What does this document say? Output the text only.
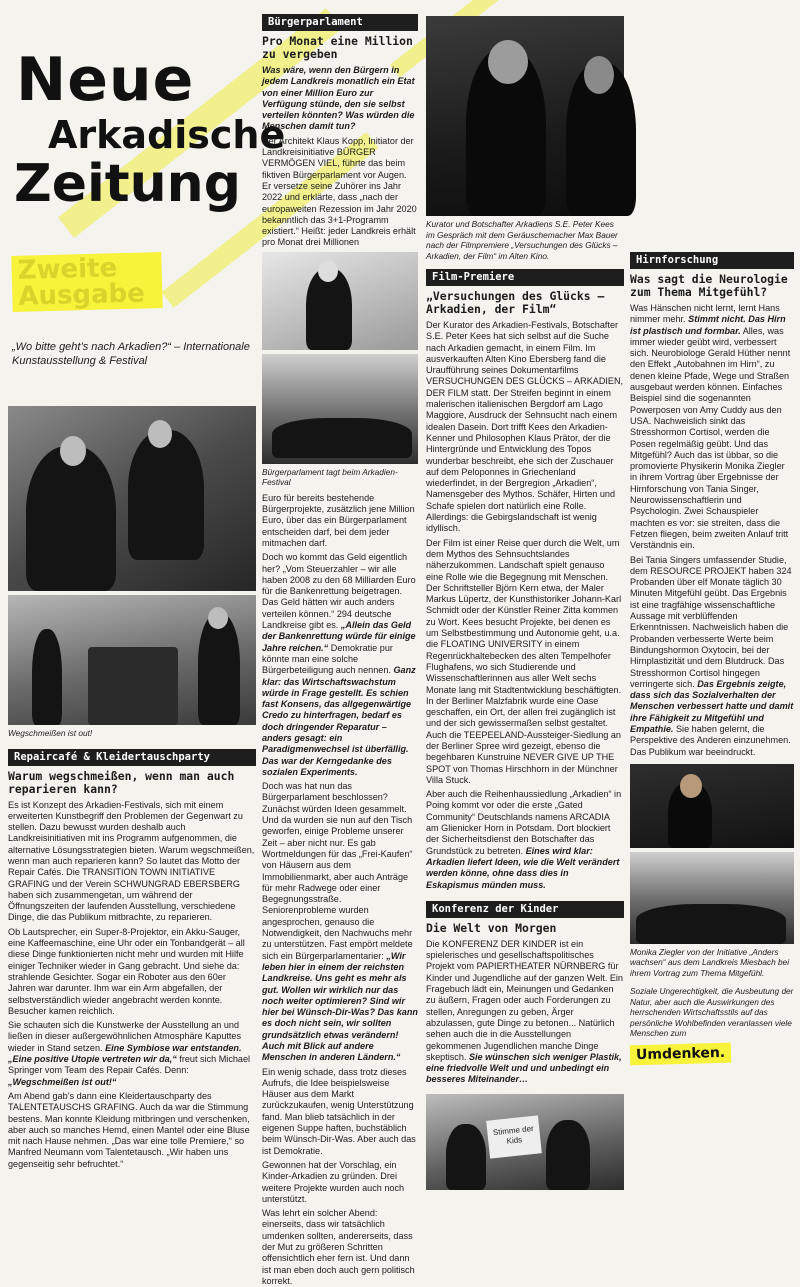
Neue
Arkadische
Zeitung
Zweite
Ausgabe
„Wo bitte geht’s nach Arkadien?“ – Internationale Kunstausstellung & Festival
Wegschmeißen ist out!
Repaircafé & Kleidertauschparty
Warum wegschmeißen, wenn man auch reparieren kann?

Es ist Konzept des Arkadien-Festivals, sich mit einem erweiterten Kunstbegriff den Problemen der Gegenwart zu stellen. Dazu bewusst wurden deshalb auch Landkreisinitiativen mit ins Programm aufgenommen, die alternative Lösungsstrategien bieten. Warum wegschmeißen, wenn man auch reparieren kann? So lautet das Motto der Repair Cafés. Die TRANSITION TOWN INITIATIVE GRAFING und der Verein SCHWUNGRAD EBERSBERG haben sich zusammengetan, um während der Öffnungszeiten der laufenden Ausstellung, verschiedene Dinge, die das Publikum mitbrachte, zu reparieren.

Ob Lautsprecher, ein Super-8-Projektor, ein Akku-Sauger, eine Kaffeemaschine, eine Uhr oder ein Tonbandgerät – all diese Dinge funktionierten nicht mehr und wurden mit Hilfe einiger Techniker wieder in Gang gebracht. Und siehe da: strahlende Gesichter. Sogar ein Roboter aus den 60er Jahren war darunter. Ihm war ein Arm abgefallen, der selbstverständlich wieder angebracht werden konnte. Besucher kamen reichlich.

Sie schauten sich die Kunstwerke der Ausstellung an und ließen in dieser außergewöhnlichen Atmosphäre Kaputtes wieder in Stand setzen. Eine Symbiose war entstanden. „Eine positive Utopie vertreten wir da,“ freut sich Michael Springer vom Team des Repair Cafés. Denn: „Wegschmeißen ist out!“

Am Abend gab’s dann eine Kleidertauschparty des TALENTETAUSCHS GRAFING. Auch da war die Stimmung bestens. Man konnte Kleidung mitbringen und verschenken, aber auch so manches Hemd, einen Mantel oder eine Bluse mit nach Hause nehmen. „Das war eine tolle Premiere,“ so Manfred Neumann vom Talentetausch. „Wir haben uns gegenseitig sehr befruchtet.“

Bürgerparlament
Pro Monat eine Million zu vergeben

Was wäre, wenn den Bürgern in jedem Landkreis monatlich ein Etat von einer Million Euro zur Verfügung stünde, den sie selbst verteilen könnten? Was würden die Menschen damit tun?

Der Architekt Klaus Kopp, Initiator der Landkreisinitiative BÜRGER VERMÖGEN VIEL, führte das beim fiktiven Bürgerparlament vor Augen. Er versetze seine Zuhörer ins Jahr 2022 und erklärte, dass „nach der europaweiten Rezession im Jahr 2020 bekanntlich das 3+1-Programm existiert.“ Heißt: jeder Landkreis erhält pro Monat drei Millionen

Bürgerparlament tagt beim Arkadien-Festival

Euro für bereits bestehende Bürgerprojekte, zusätzlich jene Million Euro, über das ein Bürgerparlament entscheiden darf, bei dem jeder mitmachen darf.

Doch wo kommt das Geld eigentlich her? „Vom Steuerzahler – wir alle haben 2008 zu den 68 Milliarden Euro für die Bankenrettung beigetragen. Das Geld hätten wir auch anders verteilen können.“ 294 deutsche Landkreise gibt es. „Allein das Geld der Bankenrettung würde für einige Jahre reichen.“ Demokratie pur könnte man eine solche Bürgerbeteiligung auch nennen. Ganz klar: das Wirtschaftswachstum würde in Frage gestellt. Es schien fast Konsens, das allgegenwärtige Credo zu hinterfragen, bedarf es doch dringender Reparatur – anders gesagt: ein Paradigmenwechsel ist überfällig. Das war der Kerngedanke des sozialen Experiments.

Doch was hat nun das Bürgerparlament beschlossen? Zunächst würden Ideen gesammelt. Und da wurden sie nun auf den Tisch geworfen, einige Probleme unserer Zeit – aber nicht nur. Es gab Wortmeldungen für das „Frei-Kaufen“ von Häusern aus dem Immobilienmarkt, aber auch Anträge für mehr Radwege oder einer Begegnungsstraße. Seniorenprobleme wurden angesprochen, genauso die Notwendigkeit, den Nachwuchs mehr zu unterstützen. Fast empört meldete sich ein Bürgerparlamentarier: „Wir leben hier in einem der reichsten Landkreise. Uns geht es mehr als gut. Wollen wir wirklich nur das noch weiter optimieren? Sind wir hier bei Wünsch-Dir-Was? Das kann es doch nicht sein, wir sollten grundsätzlich etwas verändern! Auch mit Blick auf andere Menschen in anderen Ländern.“

Ein wenig schade, dass trotz dieses Aufrufs, die Idee beispielsweise Häuser aus dem Markt zurückzukaufen, wenig Unterstützung fand. Man blieb tatsächlich in der eigenen Suppe haften, buchstäblich beim Wünsch-Dir-Was. Aber auch das ist Demokratie.

Gewonnen hat der Vorschlag, ein Kinder-Arkadien zu gründen. Drei weitere Projekte wurden auch noch unterstützt.

Was lehrt ein solcher Abend: einerseits, dass wir tatsächlich umdenken sollten, andererseits, dass der Mut zu größeren Schritten offensichtlich eher fern ist. Und dann ist man eben doch auch gern politisch korrekt.

Kurator und Botschafter Arkadiens S.E. Peter Kees im Gespräch mit dem Geräuschemacher Max Bauer nach der Filmpremiere „Versuchungen des Glücks – Arkadien, der Film“ im Alten Kino.
Film-Premiere
„Versuchungen des Glücks – Arkadien, der Film“

Der Kurator des Arkadien-Festivals, Botschafter S.E. Peter Kees hat sich selbst auf die Suche nach Arkadien gemacht, in einem Film. Im ausverkauften Alten Kino Ebersberg fand die Uraufführung seines Dokumentarfilms VERSUCHUNGEN DES GLÜCKS – ARKADIEN, DER FILM statt. Der Streifen beginnt in einem malerischen italienischen Bergdorf am Lago Maggiore, Ausdruck der Sehnsucht nach einem idealen Dasein. Dort trifft Kees den Arkadien-Kenner und Philosophen Klaus Prätor, der die Hintergründe und Entwicklung des Topos wunderbar beschreibt, ehe sich der Zuschauer auf dem Peloponnes in Griechenland wiederfindet, in der Bergregion „Arkadien“, Namensgeber des Mythos. Schäfer, Hirten und Schafe spielen dort natürlich eine Rolle. Allerdings: die Gebirgslandschaft ist wenig idyllisch.

Der Film ist einer Reise quer durch die Welt, um dem Mythos des Sehnsuchtslandes näherzukommen. Landschaft spielt genauso eine Rolle wie die Begegnung mit Menschen. Der Schriftsteller Björn Kern etwa, der Maler Markus Lüpertz, der Kunsthistoriker Johann-Karl Schmidt oder der Künstler Reiner Zitta kommen zu Wort. Kees besucht Projekte, bei denen es um Selbstbestimmung und Autonomie geht, u.a. die FLOATING UNIVERSITY in einem Regenrückhaltebecken des alten Tempelhofer Flughafens, wo sich Studierende und Wissenschaftlerinnen aus aller Welt sechs Monate lang mit Stadtentwicklung beschäftigten. In der Berliner Malzfabrik wurde eine Oase geschaffen, ein Ort, der allen frei zugänglich ist und der sich gewissermaßen selbst gestaltet. Auch die TEEPEELAND-Aussteiger-Siedlung an der Berliner Spree wird gezeigt, ebenso die begehbaren Kunstruine NEVER GIVE UP THE SPOT von Thomas Hirschhorn in der Münchner Villa Stuck.

Aber auch die Reihenhaussiedlung „Arkadien“ in Poing kommt vor oder die erste „Gated Community“ Deutschlands namens ARCADIA am Glienicker Horn in Potsdam. Dort blockiert der Sicherheitsdienst den Botschafter das Grundstück zu betreten. Eines wird klar: Arkadien liefert Ideen, wie die Welt verändert werden könne, ohne dass dies in Eskapismus münden muss.

Konferenz der Kinder
Die Welt von Morgen

Die KONFERENZ DER KINDER ist ein spielerisches und gesellschaftspolitisches Projekt vom PAPIERTHEATER NÜRNBERG für Kinder und Jugendliche auf der ganzen Welt. Ein Fragebuch lädt ein, Meinungen und Gedanken zu äußern, Fragen oder auch Forderungen zu stellen, Anregungen zu geben, Ärger abzulassen, gute Dinge zu betonen... Natürlich sehen auch die in die Ausstellungen gekommenen Jugendlichen manche Dinge skeptisch. Sie wünschen sich weniger Plastik, eine friedvolle Welt und und unbedingt ein besseres Miteinander…

Stimme der Kids
Hirnforschung
Was sagt die Neurologie zum Thema Mitgefühl?

Was Hänschen nicht lernt, lernt Hans nimmer mehr. Stimmt nicht. Das Hirn ist plastisch und formbar. Alles, was immer wieder geübt wird, verbessert sich. Neurobiologe Gerald Hüther nennt den Effekt „Autobahnen im Hirn“, zu denen kleine Pfade, Wege und Straßen ausgebaut werden können. Einfaches Beispiel sind die sogenannten Powerposen von Amy Cuddy aus den USA. Nachweislich sinkt das Stresshormon Cortisol, werden die Posen regelmäßig geübt. Und das Mitgefühl? Auch das ist übbar, so die promovierte Physikerin Monika Ziegler in ihrem Vortrag über Ergebnisse der Hirnforschung von Tania Singer, Neurowissenschaftlerin und Psychologin. Zwei Schauspieler machten es vor: sie streiten, dass die Fetzen fliegen, beim zweiten Anlauf tritt Verständnis ein.

Bei Tania Singers umfassender Studie, dem RESOURCE PROJEKT haben 324 Probanden über elf Monate täglich 30 Minuten Mitgefühl geübt. Das Ergebnis ist eine tragfähige wissenschaftliche Aussage mit verblüffenden Erkenntnissen. Nachweislich haben die Probanden verbesserte Werte beim Bindungshormon Oxytocin, bei der Hirnplastizität und dem Blutdruck. Das Stresshormon Cortisol hingegen verringerte sich. Das Ergebnis zeigte, dass sich das Sozialverhalten der Menschen verbessert hatte und damit ihre Fähigkeit zu Mitgefühl und Empathie. Sie haben gelernt, die Perspektive des Anderen einzunehmen. Das Publikum war beeindruckt.

Monika Ziegler von der Initiative „Anders wachsen“ aus dem Landkreis Miesbach bei ihrem Vortrag zum Thema Mitgefühl.
Soziale Ungerechtigkeit, die Ausbeutung der Natur, aber auch die Auswirkungen des herrschenden Wirtschaftsstils auf das persönliche Wohlbefinden veranlassen viele Menschen zum
Umdenken.
